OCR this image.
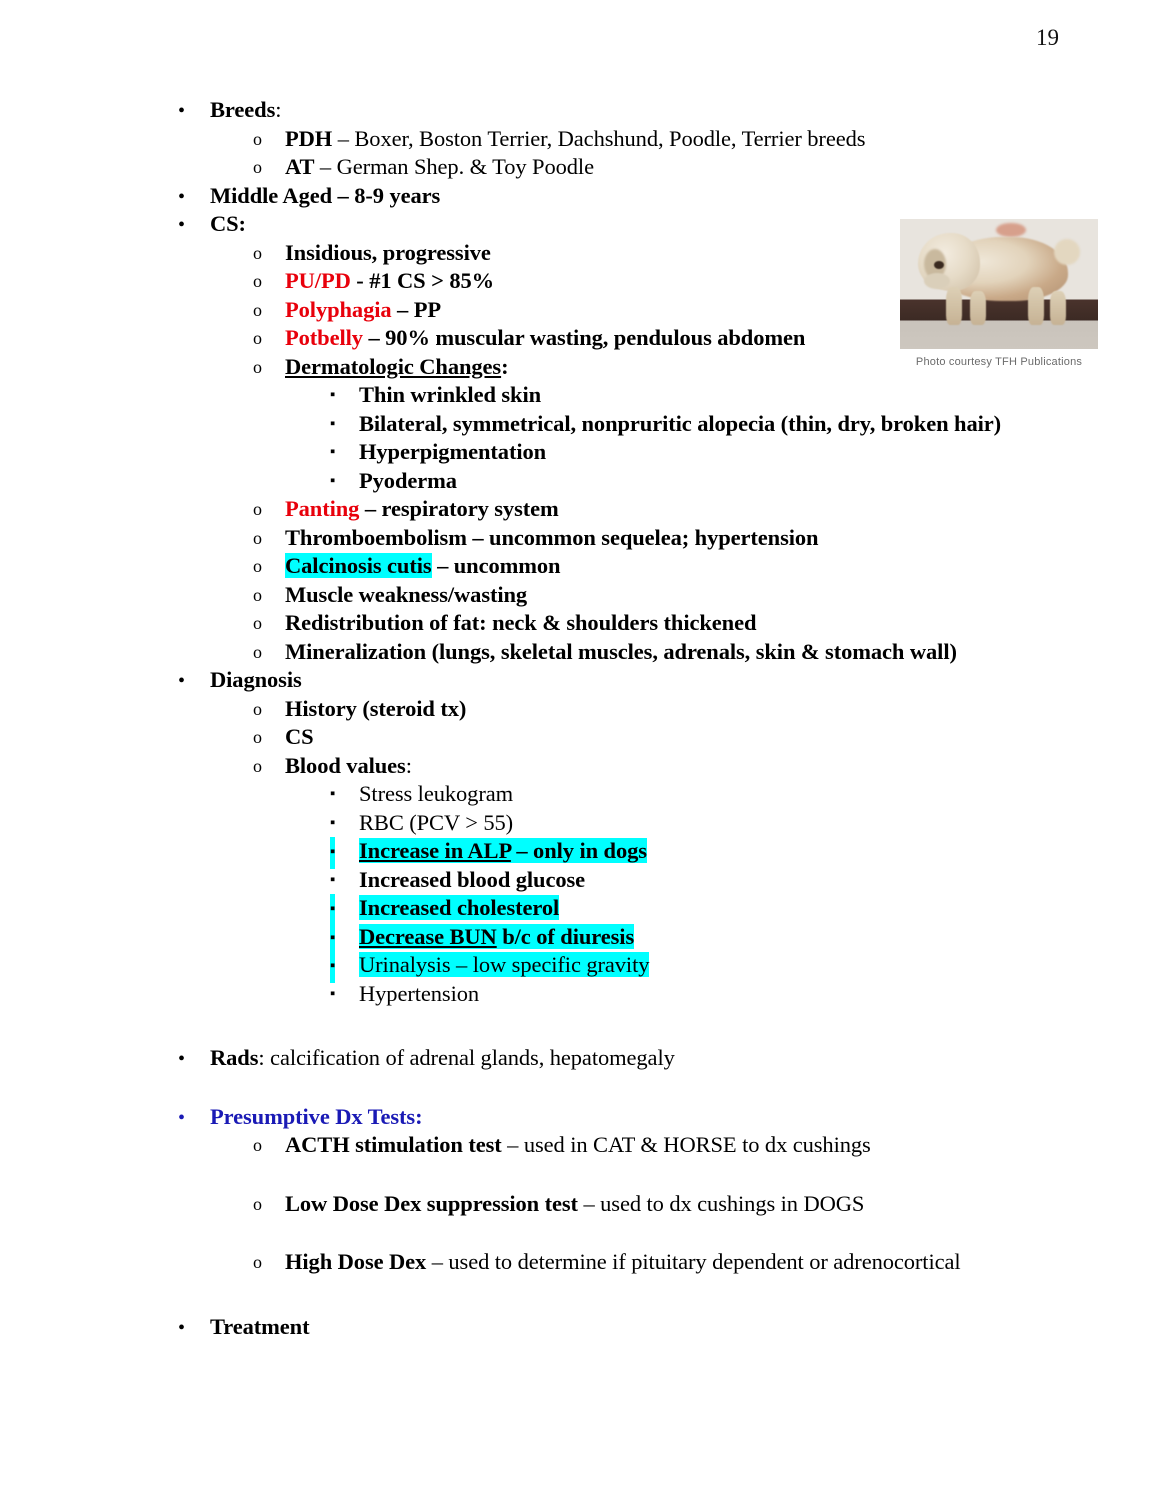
19
Photo courtesy TFH Publications
• Breeds:
o PDH – Boxer, Boston Terrier, Dachshund, Poodle, Terrier breeds
o AT – German Shep. & Toy Poodle
• Middle Aged – 8-9 years
• CS:
o Insidious, progressive
o PU/PD - #1 CS > 85%
o Polyphagia – PP
o Potbelly – 90% muscular wasting, pendulous abdomen
o Dermatologic Changes:
▪ Thin wrinkled skin
▪ Bilateral, symmetrical, nonpruritic alopecia (thin, dry, broken hair)
▪ Hyperpigmentation
▪ Pyoderma
o Panting – respiratory system
o Thromboembolism – uncommon sequelea; hypertension
o Calcinosis cutis – uncommon
o Muscle weakness/wasting
o Redistribution of fat: neck & shoulders thickened
o Mineralization (lungs, skeletal muscles, adrenals, skin & stomach wall)
• Diagnosis
o History (steroid tx)
o CS
o Blood values:
▪ Stress leukogram
▪ RBC (PCV > 55)
▪ Increase in ALP – only in dogs
▪ Increased blood glucose
▪ Increased cholesterol
▪ Decrease BUN b/c of diuresis
▪ Urinalysis – low specific gravity
▪ Hypertension
• Rads: calcification of adrenal glands, hepatomegaly
• Presumptive Dx Tests:
o ACTH stimulation test – used in CAT & HORSE to dx cushings
o Low Dose Dex suppression test – used to dx cushings in DOGS
o High Dose Dex – used to determine if pituitary dependent or adrenocortical
• Treatment
